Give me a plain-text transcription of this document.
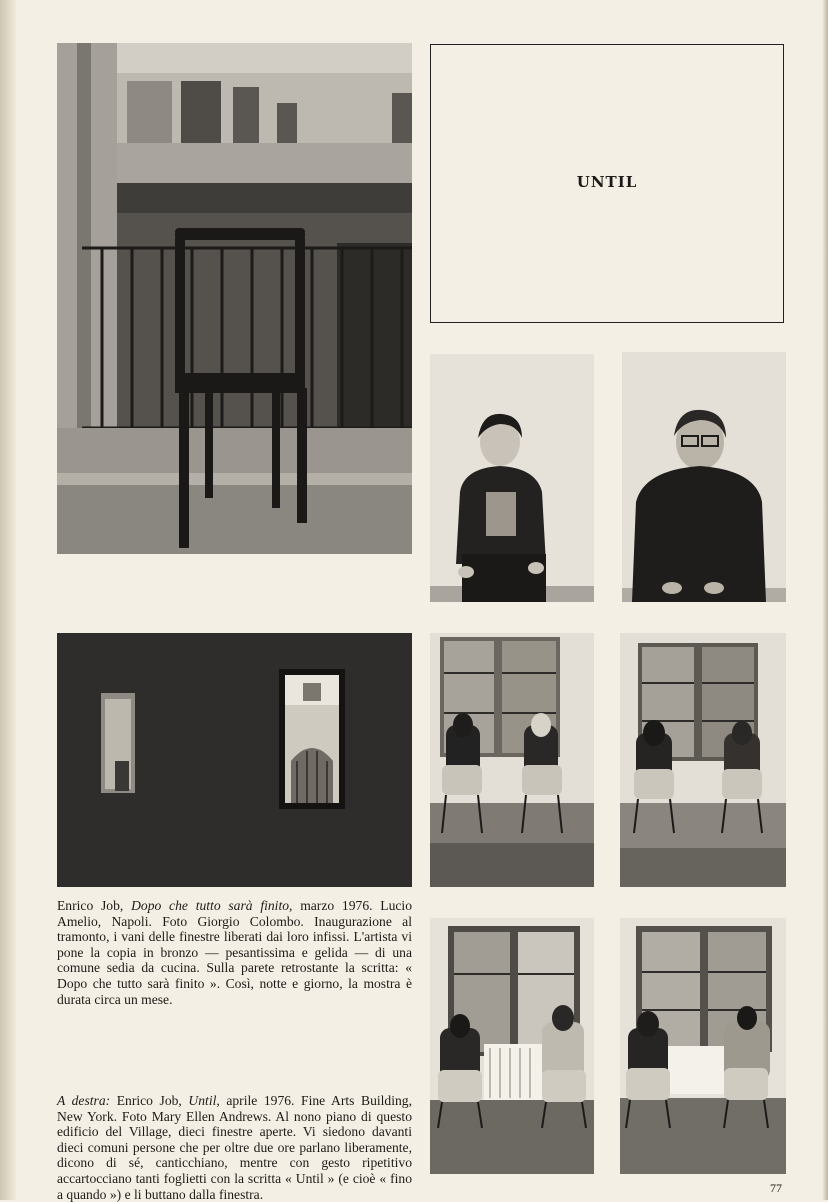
UNTIL
Enrico Job, Dopo che tutto sarà finito, marzo 1976. Lucio Amelio, Napoli. Foto Giorgio Colombo. Inaugurazione al tramonto, i vani delle finestre liberati dai loro infissi. L'artista vi pone la copia in bronzo — pesantissima e gelida — di una comune sedia da cucina. Sulla parete retrostante la scritta: « Dopo che tutto sarà finito ». Così, notte e giorno, la mostra è durata circa un mese.
A destra: Enrico Job, Until, aprile 1976. Fine Arts Building, New York. Foto Mary Ellen Andrews. Al nono piano di questo edificio del Village, dieci finestre aperte. Vi siedono davanti dieci comuni persone che per oltre due ore parlano liberamente, dicono di sé, canticchiano, mentre con gesto ripetitivo accartocciano tanti foglietti con la scritta « Until » (e cioè « fino a quando ») e li buttano dalla finestra.	77
